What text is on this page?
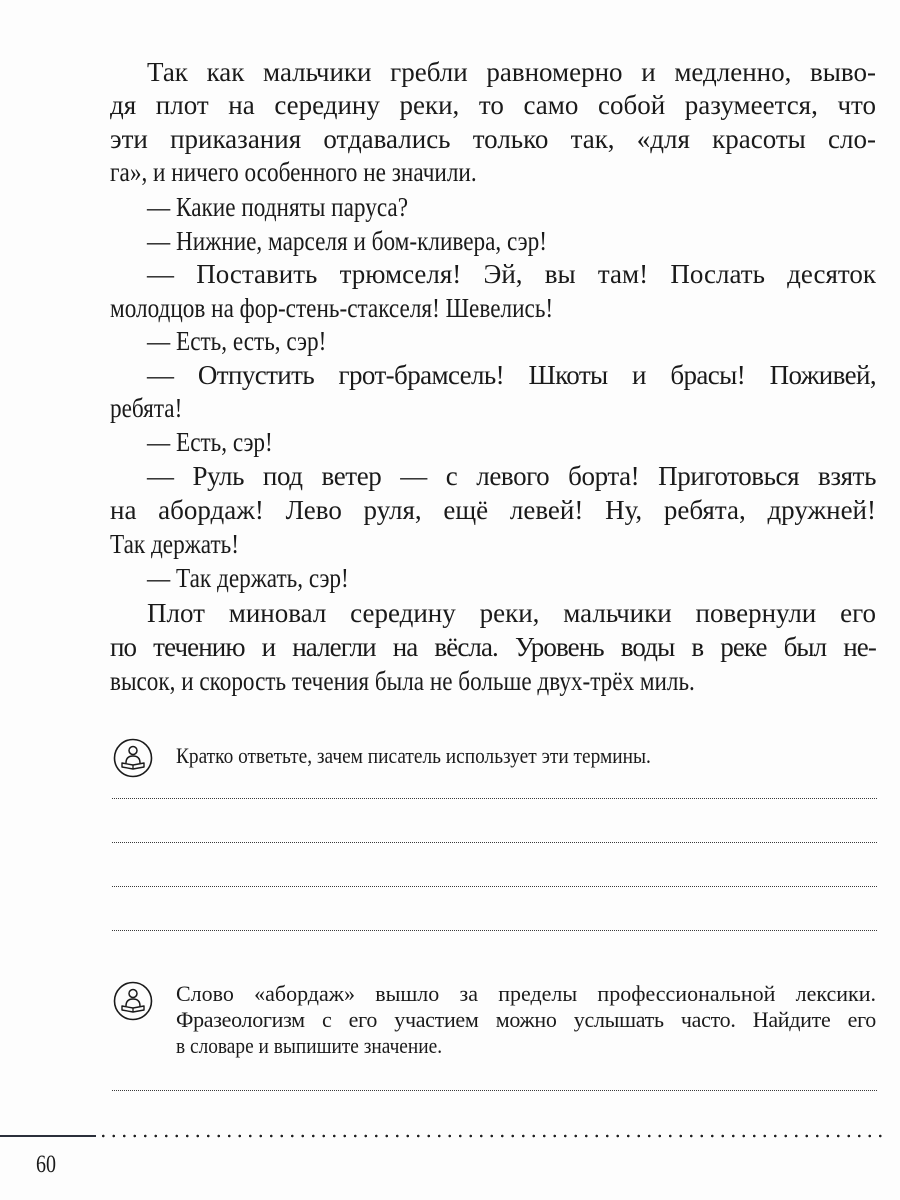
Так как мальчики гребли равномерно и медленно, выво-
дя плот на середину реки, то само собой разумеется, что
эти приказания отдавались только так, «для красоты сло-
га», и ничего особенного не значили.
— Какие подняты паруса?
— Нижние, марселя и бом-кливера, сэр!
— Поставить трюмселя! Эй, вы там! Послать десяток
молодцов на фор-стень-стакселя! Шевелись!
— Есть, есть, сэр!
— Отпустить грот-брамсель! Шкоты и брасы! Поживей,
ребята!
— Есть, сэр!
— Руль под ветер — с левого борта! Приготовься взять
на абордаж! Лево руля, ещё левей! Ну, ребята, дружней!
Так держать!
— Так держать, сэр!
Плот миновал середину реки, мальчики повернули его
по течению и налегли на вёсла. Уровень воды в реке был не-
высок, и скорость течения была не больше двух-трёх миль.
Кратко ответьте, зачем писатель использует эти термины.
Слово «абордаж» вышло за пределы профессиональной лексики.
Фразеологизм с его участием можно услышать часто. Найдите его
в словаре и выпишите значение.
60
